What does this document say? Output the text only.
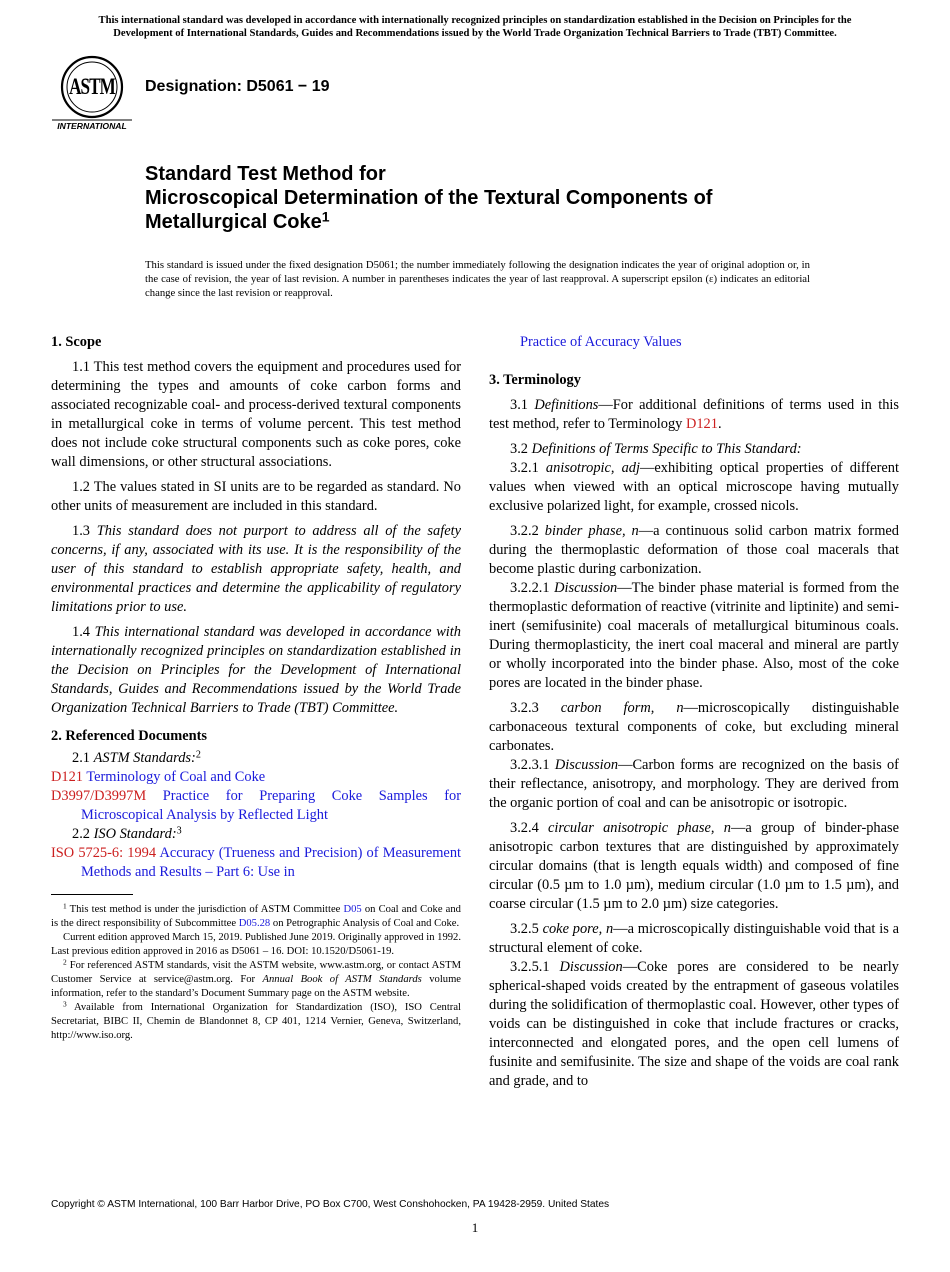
This international standard was developed in accordance with internationally recognized principles on standardization established in the Decision on Principles for the
Development of International Standards, Guides and Recommendations issued by the World Trade Organization Technical Barriers to Trade (TBT) Committee.
ASTM
INTERNATIONAL
Designation: D5061 − 19
Standard Test Method for
Microscopical Determination of the Textural Components of
Metallurgical Coke$^1$

This standard is issued under the fixed designation D5061; the number immediately following the designation indicates the year of original adoption or, in the case of revision, the year of last revision. A number in parentheses indicates the year of last reapproval. A superscript epsilon (ε) indicates an editorial change since the last revision or reapproval.

1. Scope

1.1 This test method covers the equipment and procedures used for determining the types and amounts of coke carbon forms and associated recognizable coal- and process-derived textural components in metallurgical coke in terms of volume percent. This test method does not include coke structural components such as coke pores, coke wall dimensions, or other structural associations.

1.2 The values stated in SI units are to be regarded as standard. No other units of measurement are included in this standard.

1.3 This standard does not purport to address all of the safety concerns, if any, associated with its use. It is the responsibility of the user of this standard to establish appropriate safety, health, and environmental practices and determine the applicability of regulatory limitations prior to use.

1.4 This international standard was developed in accordance with internationally recognized principles on standardization established in the Decision on Principles for the Development of International Standards, Guides and Recommendations issued by the World Trade Organization Technical Barriers to Trade (TBT) Committee.

2. Referenced Documents

2.1 ASTM Standards:$^2$

D121 Terminology of Coal and Coke

D3997/D3997M Practice for Preparing Coke Samples for Microscopical Analysis by Reflected Light

2.2 ISO Standard:$^3$

ISO 5725-6: 1994 Accuracy (Trueness and Precision) of Measurement Methods and Results – Part 6: Use in

$^1$ This test method is under the jurisdiction of ASTM Committee D05 on Coal and Coke and is the direct responsibility of Subcommittee D05.28 on Petrographic Analysis of Coal and Coke.

Current edition approved March 15, 2019. Published June 2019. Originally approved in 1992. Last previous edition approved in 2016 as D5061 – 16. DOI: 10.1520/D5061-19.

$^2$ For referenced ASTM standards, visit the ASTM website, www.astm.org, or contact ASTM Customer Service at service@astm.org. For Annual Book of ASTM Standards volume information, refer to the standard’s Document Summary page on the ASTM website.

$^3$ Available from International Organization for Standardization (ISO), ISO Central Secretariat, BIBC II, Chemin de Blandonnet 8, CP 401, 1214 Vernier, Geneva, Switzerland, http://www.iso.org.

Practice of Accuracy Values

3. Terminology

3.1 Definitions—For additional definitions of terms used in this test method, refer to Terminology D121.

3.2 Definitions of Terms Specific to This Standard:

3.2.1 anisotropic, adj—exhibiting optical properties of different values when viewed with an optical microscope having mutually exclusive polarized light, for example, crossed nicols.

3.2.2 binder phase, n—a continuous solid carbon matrix formed during the thermoplastic deformation of those coal macerals that become plastic during carbonization.

3.2.2.1 Discussion—The binder phase material is formed from the thermoplastic deformation of reactive (vitrinite and liptinite) and semi-inert (semifusinite) coal macerals of metallurgical bituminous coals. During thermoplasticity, the inert coal maceral and mineral are partly or wholly incorporated into the binder phase. Also, most of the coke pores are located in the binder phase.

3.2.3 carbon form, n—microscopically distinguishable carbonaceous textural components of coke, but excluding mineral carbonates.

3.2.3.1 Discussion—Carbon forms are recognized on the basis of their reflectance, anisotropy, and morphology. They are derived from the organic portion of coal and can be anisotropic or isotropic.

3.2.4 circular anisotropic phase, n—a group of binder-phase anisotropic carbon textures that are distinguished by approximately circular domains (that is length equals width) and composed of fine circular (0.5 µm to 1.0 µm), medium circular (1.0 µm to 1.5 µm), and coarse circular (1.5 µm to 2.0 µm) size categories.

3.2.5 coke pore, n—a microscopically distinguishable void that is a structural element of coke.

3.2.5.1 Discussion—Coke pores are considered to be nearly spherical-shaped voids created by the entrapment of gaseous volatiles during the solidification of thermoplastic coal. However, other types of voids can be distinguished in coke that include fractures or cracks, interconnected and elongated pores, and the open cell lumens of fusinite and semifusinite. The size and shape of the voids are coal rank and grade, and to

Copyright © ASTM International, 100 Barr Harbor Drive, PO Box C700, West Conshohocken, PA 19428-2959. United States
1
